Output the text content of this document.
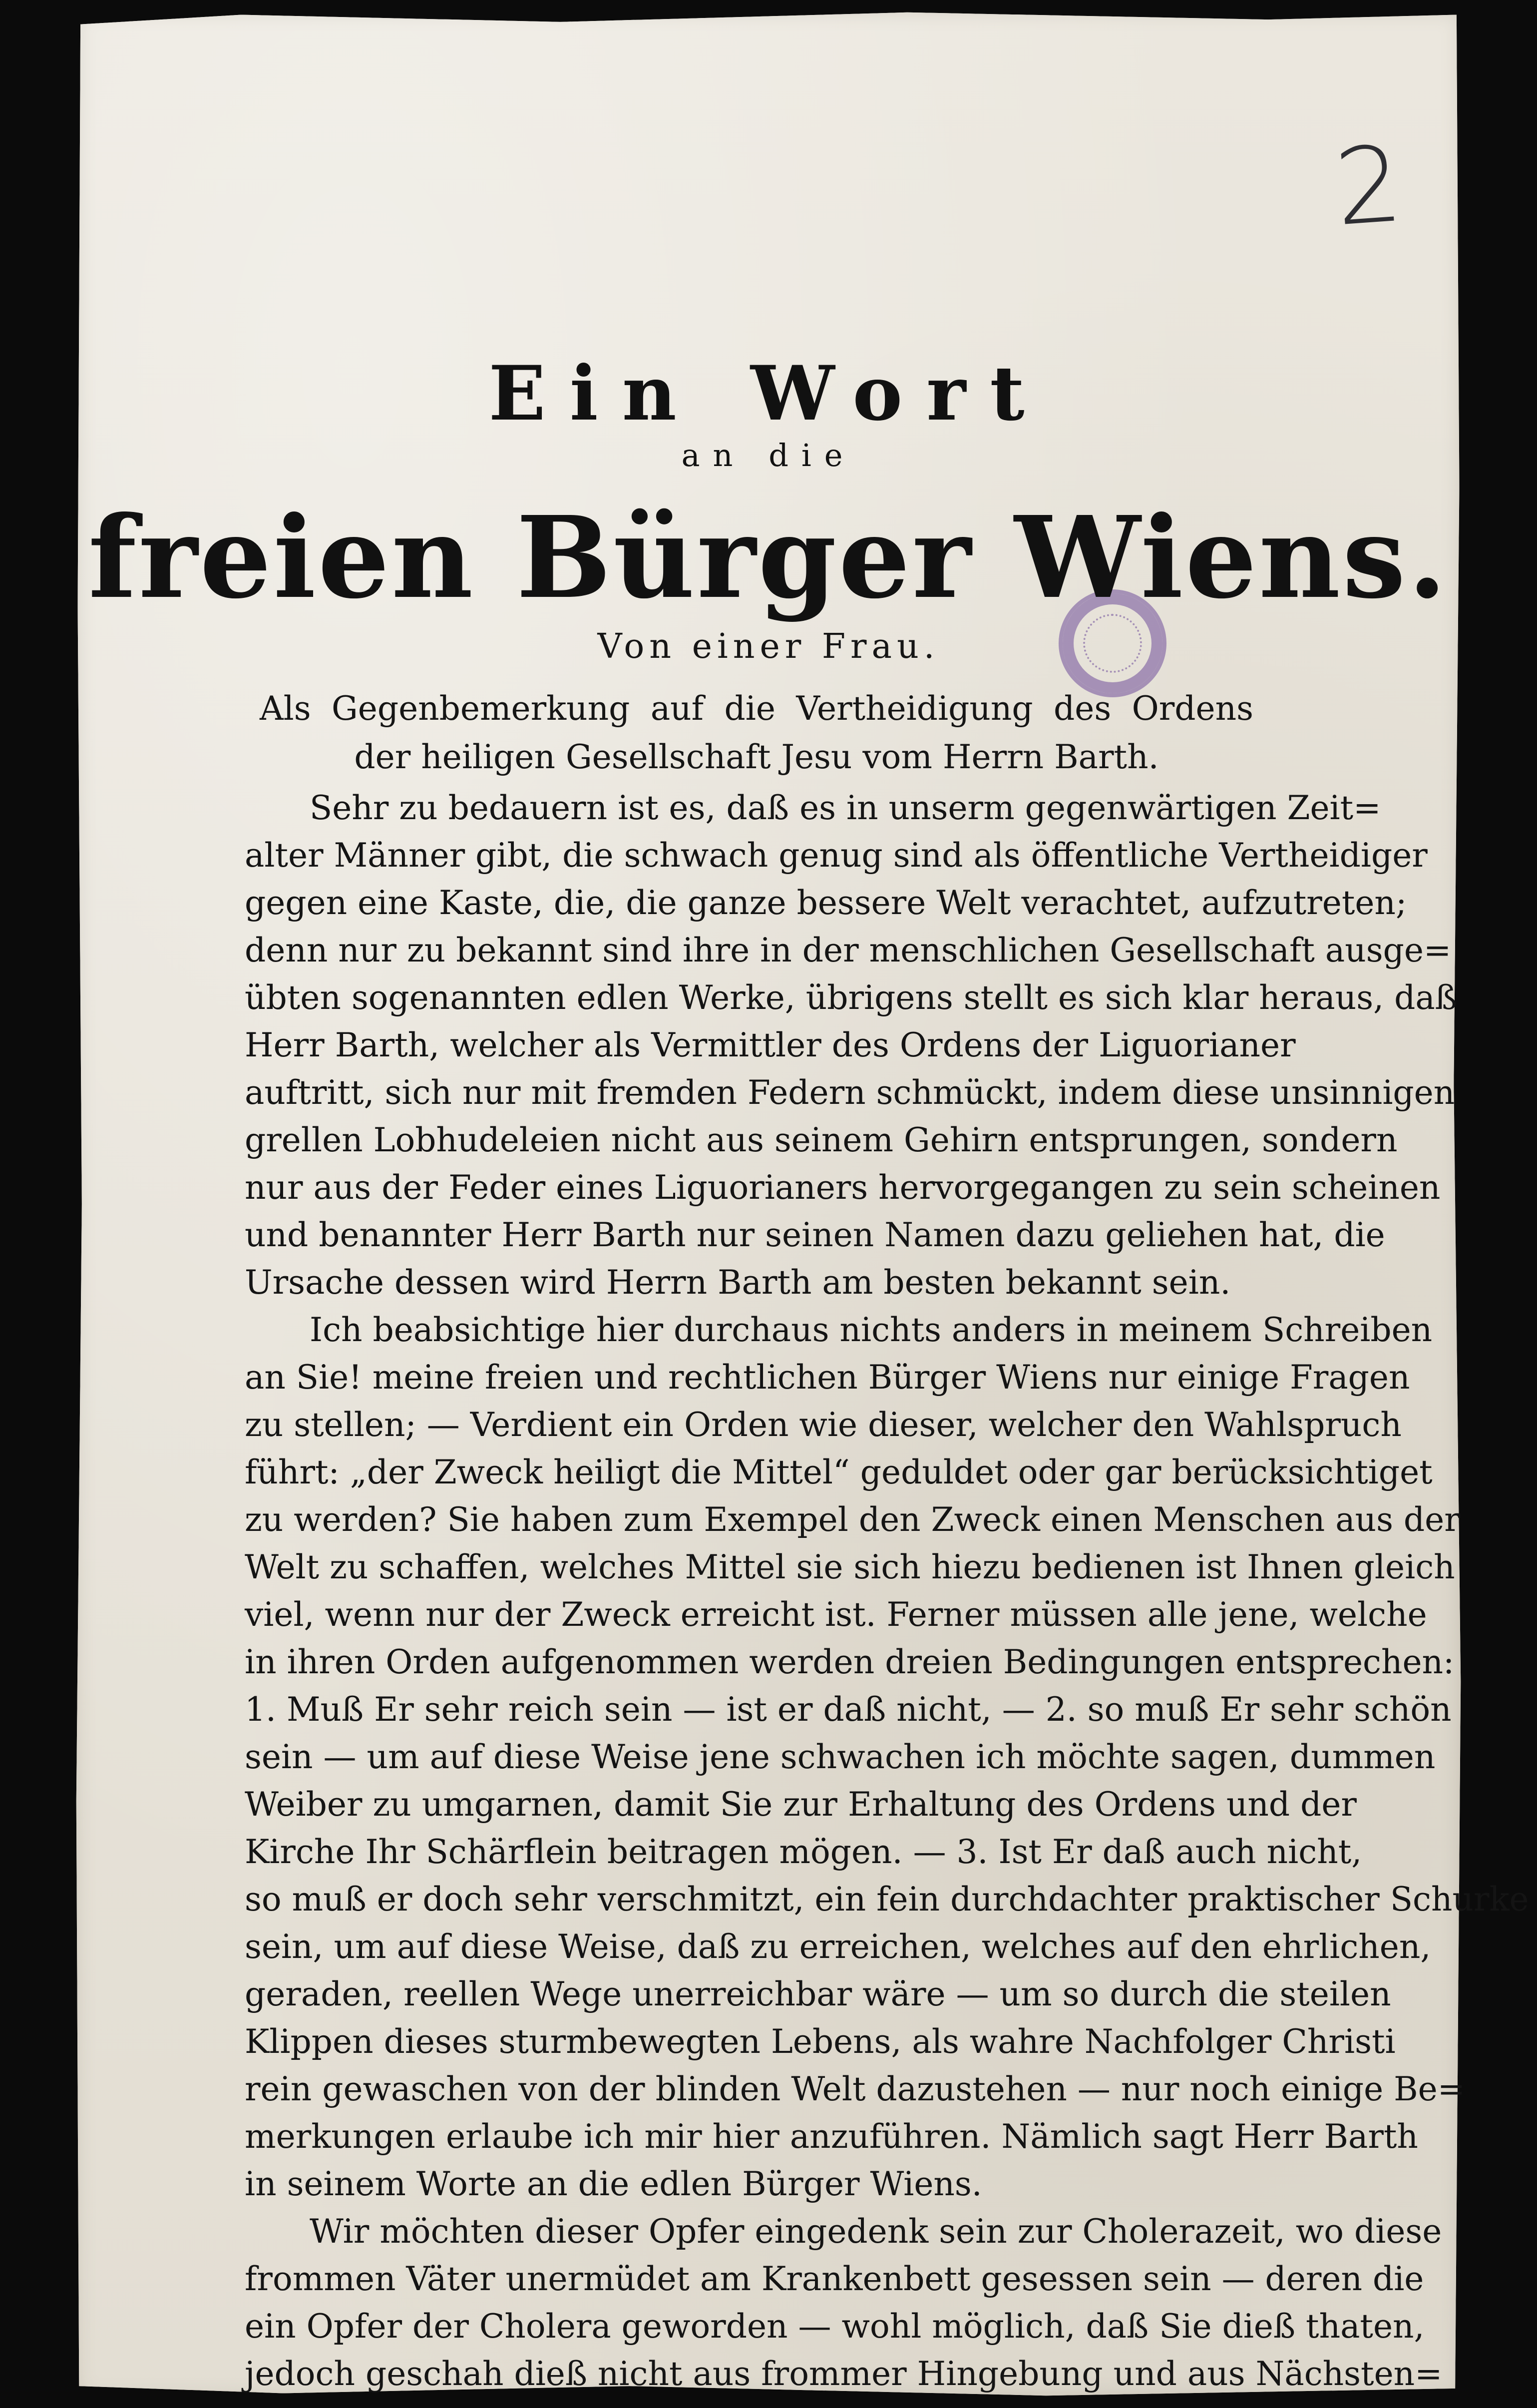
2
Ein Wort
an die
freien Bürger Wiens.
Von einer Frau.
Als Gegenbemerkung auf die Vertheidigung des Ordens der heiligen Gesellschaft Jesu vom Herrn Barth.
Sehr zu bedauern ist es, daß es in unserm gegenwärtigen Zeit=
alter Männer gibt, die schwach genug sind als öffentliche Vertheidiger
gegen eine Kaste, die, die ganze bessere Welt verachtet, aufzutreten;
denn nur zu bekannt sind ihre in der menschlichen Gesellschaft ausge=
übten sogenannten edlen Werke, übrigens stellt es sich klar heraus, daß
Herr Barth, welcher als Vermittler des Ordens der Liguorianer
auftritt, sich nur mit fremden Federn schmückt, indem diese unsinnigen
grellen Lobhudeleien nicht aus seinem Gehirn entsprungen, sondern
nur aus der Feder eines Liguorianers hervorgegangen zu sein scheinen
und benannter Herr Barth nur seinen Namen dazu geliehen hat, die
Ursache dessen wird Herrn Barth am besten bekannt sein.
Ich beabsichtige hier durchaus nichts anders in meinem Schreiben
an Sie! meine freien und rechtlichen Bürger Wiens nur einige Fragen
zu stellen; — Verdient ein Orden wie dieser, welcher den Wahlspruch
führt: „der Zweck heiligt die Mittel“ geduldet oder gar berücksichtiget
zu werden? Sie haben zum Exempel den Zweck einen Menschen aus der
Welt zu schaffen, welches Mittel sie sich hiezu bedienen ist Ihnen gleich
viel, wenn nur der Zweck erreicht ist. Ferner müssen alle jene, welche
in ihren Orden aufgenommen werden dreien Bedingungen entsprechen:
1. Muß Er sehr reich sein — ist er daß nicht, — 2. so muß Er sehr schön
sein — um auf diese Weise jene schwachen ich möchte sagen, dummen
Weiber zu umgarnen, damit Sie zur Erhaltung des Ordens und der
Kirche Ihr Schärflein beitragen mögen. — 3. Ist Er daß auch nicht,
so muß er doch sehr verschmitzt, ein fein durchdachter praktischer Schurke
sein, um auf diese Weise, daß zu erreichen, welches auf den ehrlichen,
geraden, reellen Wege unerreichbar wäre — um so durch die steilen
Klippen dieses sturmbewegten Lebens, als wahre Nachfolger Christi
rein gewaschen von der blinden Welt dazustehen — nur noch einige Be=
merkungen erlaube ich mir hier anzuführen. Nämlich sagt Herr Barth
in seinem Worte an die edlen Bürger Wiens.
Wir möchten dieser Opfer eingedenk sein zur Cholerazeit, wo diese
frommen Väter unermüdet am Krankenbett gesessen sein — deren die
ein Opfer der Cholera geworden — wohl möglich, daß Sie dieß thaten,
jedoch geschah dieß nicht aus frommer Hingebung und aus Nächsten=
